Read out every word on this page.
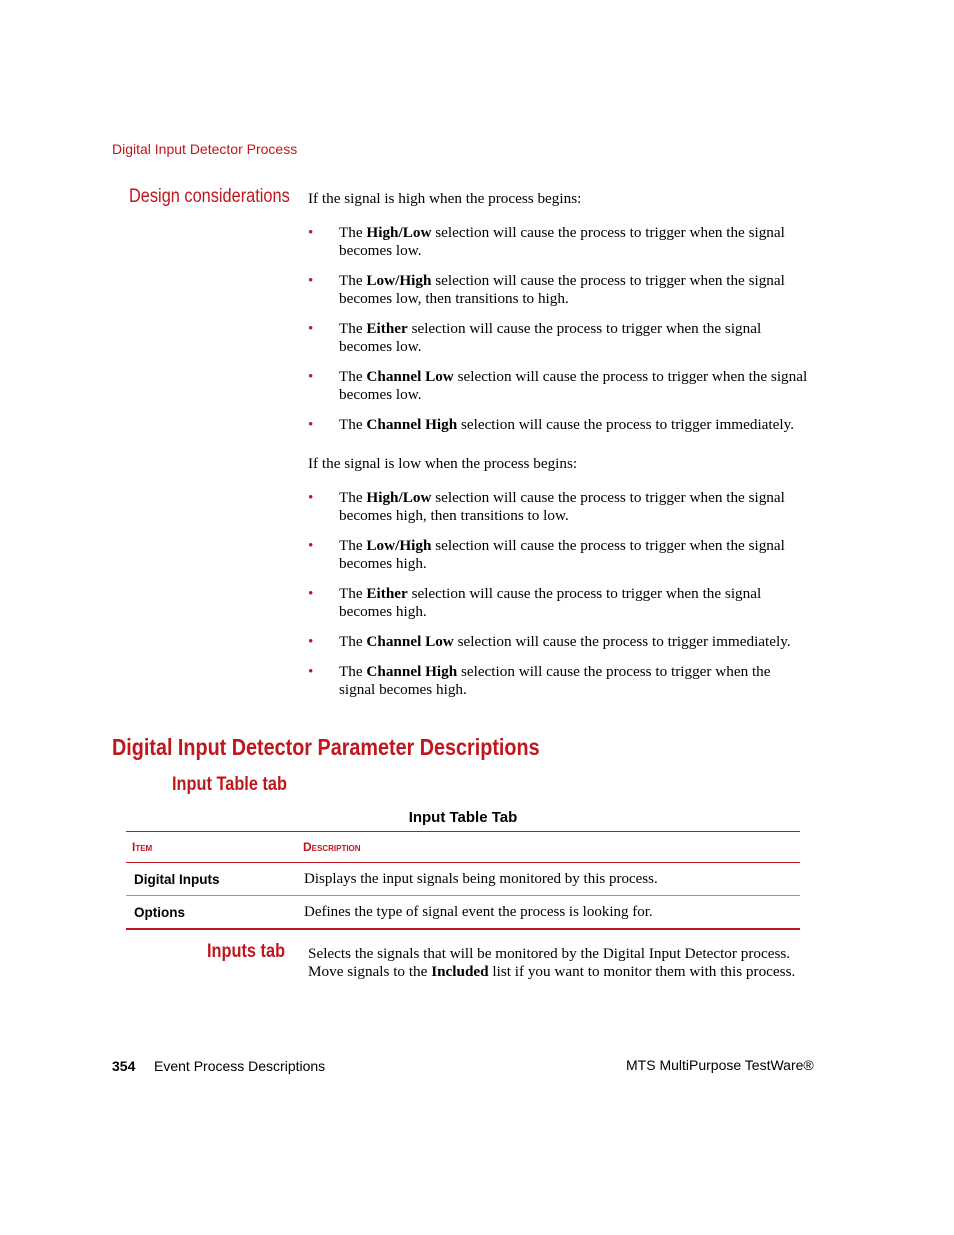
Digital Input Detector Process
Design considerations If the signal is high when the process begins:
• The High/Low selection will cause the process to trigger when the signal becomes low.
• The Low/High selection will cause the process to trigger when the signal becomes low, then transitions to high.
• The Either selection will cause the process to trigger when the signal becomes low.
• The Channel Low selection will cause the process to trigger when the signal becomes low.
• The Channel High selection will cause the process to trigger immediately.
If the signal is low when the process begins:
• The High/Low selection will cause the process to trigger when the signal becomes high, then transitions to low.
• The Low/High selection will cause the process to trigger when the signal becomes high.
• The Either selection will cause the process to trigger when the signal becomes high.
• The Channel Low selection will cause the process to trigger immediately.
• The Channel High selection will cause the process to trigger when the signal becomes high.
Digital Input Detector Parameter Descriptions
Input Table tab
Input Table Tab
Item	Description
Digital Inputs	Displays the input signals being monitored by this process.
Options	Defines the type of signal event the process is looking for.
Inputs tab Selects the signals that will be monitored by the Digital Input Detector process. Move signals to the Included list if you want to monitor them with this process.
354 Event Process Descriptions	MTS MultiPurpose TestWare®
